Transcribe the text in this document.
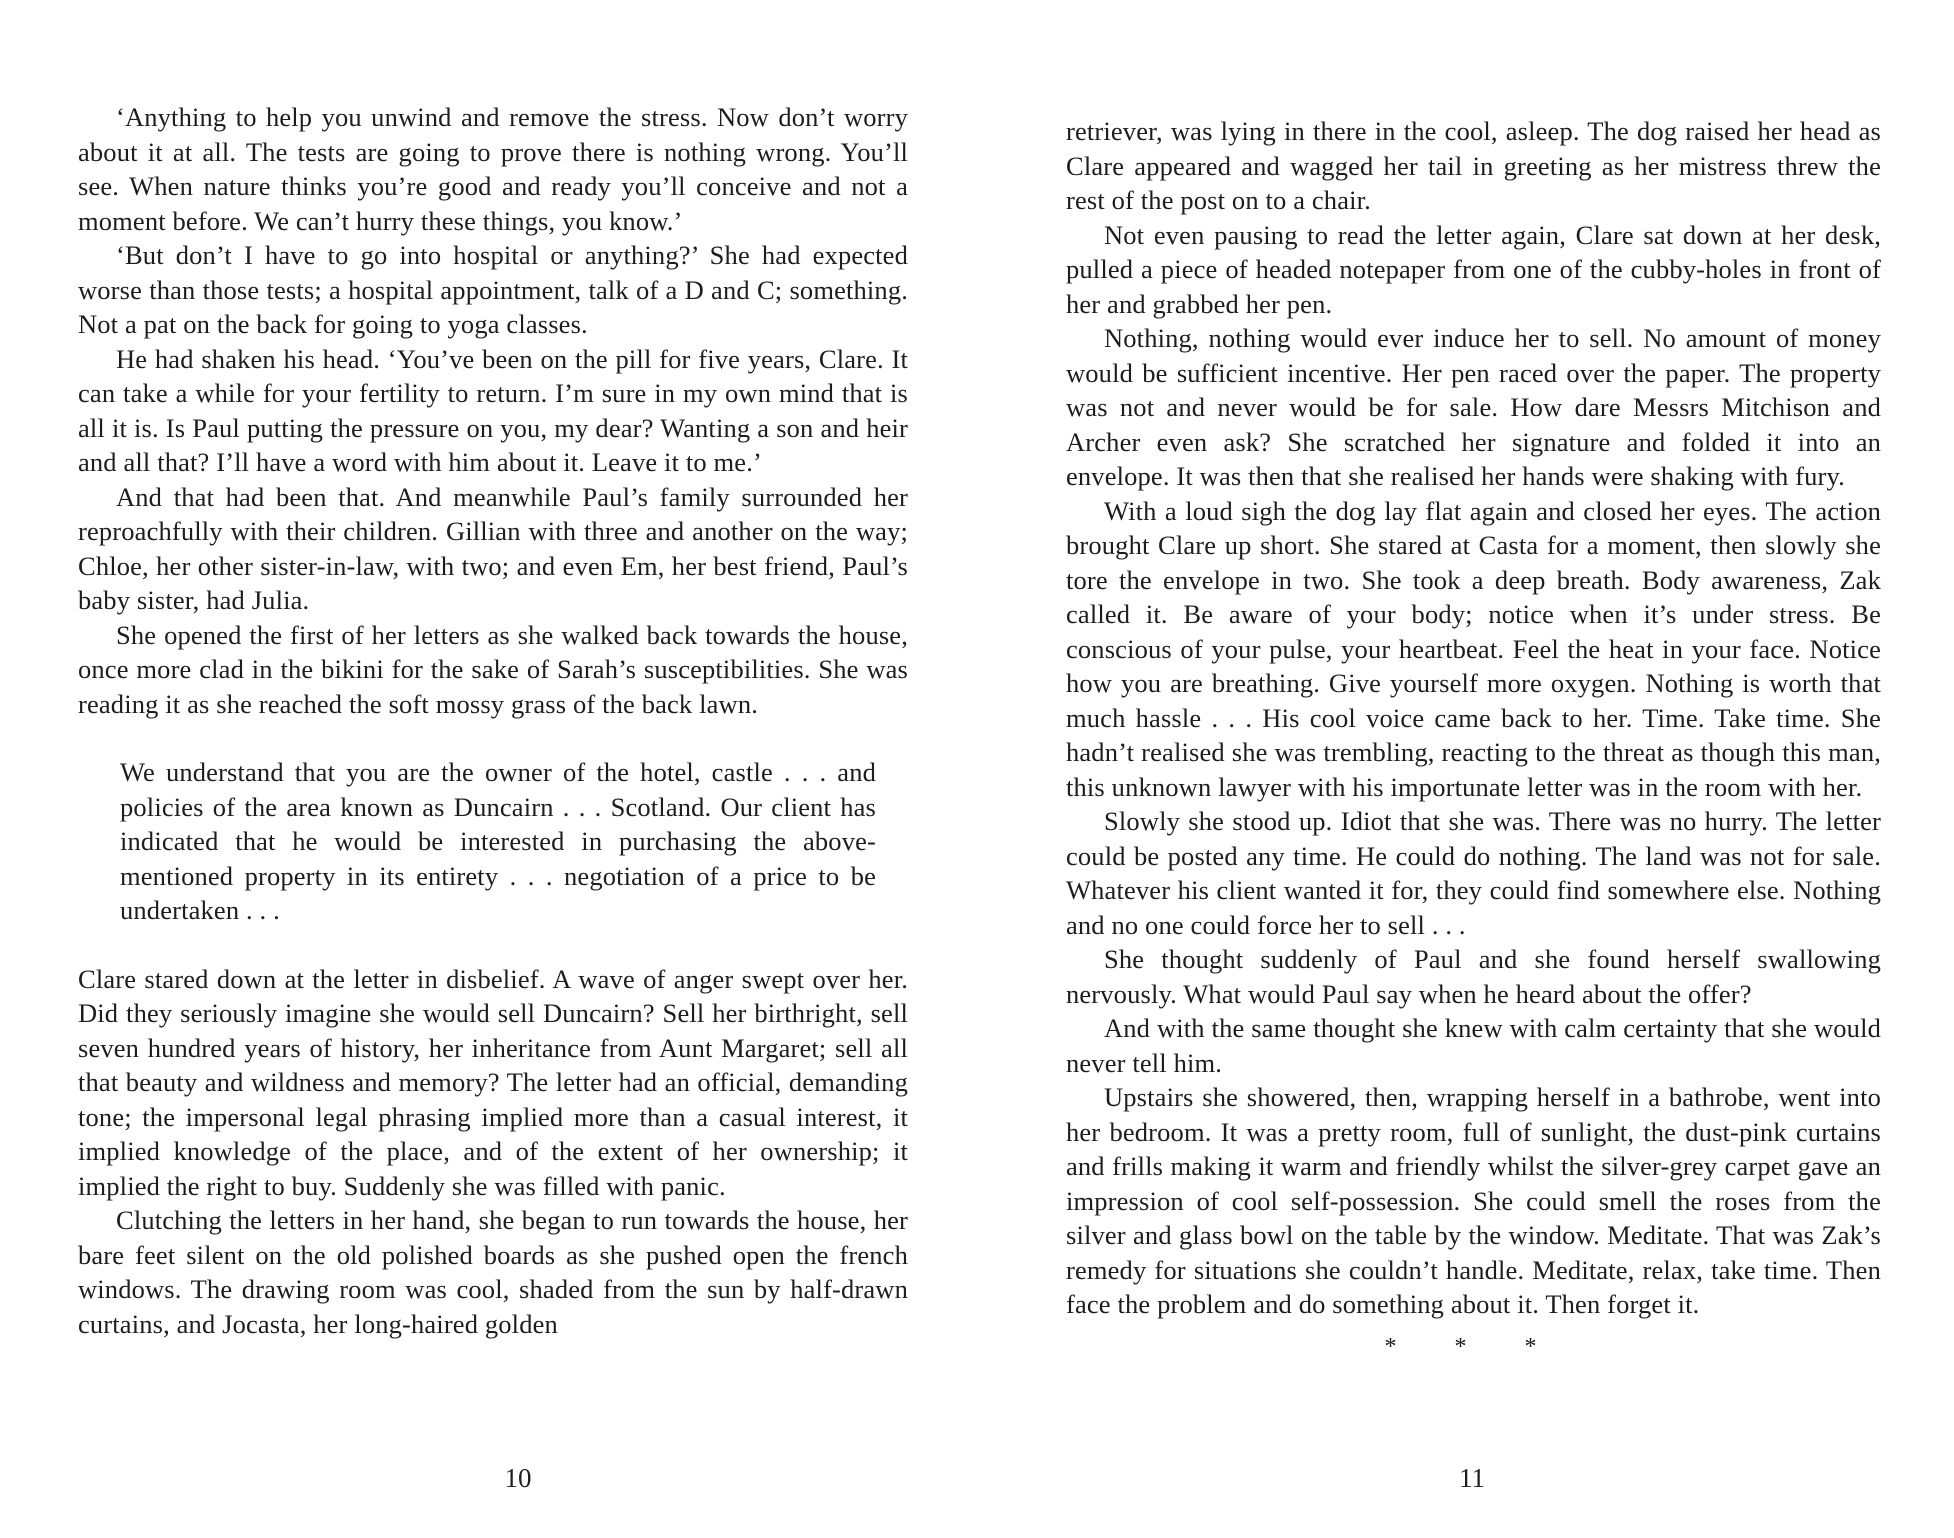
‘Anything to help you unwind and remove the stress. Now don’t worry about it at all. The tests are going to prove there is nothing wrong. You’ll see. When nature thinks you’re good and ready you’ll conceive and not a moment before. We can’t hurry these things, you know.’

‘But don’t I have to go into hospital or anything?’ She had expected worse than those tests; a hospital appointment, talk of a D and C; something. Not a pat on the back for going to yoga classes.

He had shaken his head. ‘You’ve been on the pill for five years, Clare. It can take a while for your fertility to return. I’m sure in my own mind that is all it is. Is Paul putting the pressure on you, my dear? Wanting a son and heir and all that? I’ll have a word with him about it. Leave it to me.’

And that had been that. And meanwhile Paul’s family surrounded her reproachfully with their children. Gillian with three and another on the way; Chloe, her other sister-in-law, with two; and even Em, her best friend, Paul’s baby sister, had Julia.

She opened the first of her letters as she walked back towards the house, once more clad in the bikini for the sake of Sarah’s susceptibilities. She was reading it as she reached the soft mossy grass of the back lawn.

We understand that you are the owner of the hotel, castle . . . and policies of the area known as Duncairn . . . Scotland. Our client has indicated that he would be interested in purchasing the above-mentioned property in its entirety . . . negotiation of a price to be undertaken . . .

Clare stared down at the letter in disbelief. A wave of anger swept over her. Did they seriously imagine she would sell Duncairn? Sell her birthright, sell seven hundred years of history, her inheritance from Aunt Margaret; sell all that beauty and wildness and memory? The letter had an official, demanding tone; the impersonal legal phrasing implied more than a casual interest, it implied knowledge of the place, and of the extent of her ownership; it implied the right to buy. Suddenly she was filled with panic.

Clutching the letters in her hand, she began to run towards the house, her bare feet silent on the old polished boards as she pushed open the french windows. The drawing room was cool, shaded from the sun by half-drawn curtains, and Jocasta, her long-haired golden

10

retriever, was lying in there in the cool, asleep. The dog raised her head as Clare appeared and wagged her tail in greeting as her mistress threw the rest of the post on to a chair.

Not even pausing to read the letter again, Clare sat down at her desk, pulled a piece of headed notepaper from one of the cubby-holes in front of her and grabbed her pen.

Nothing, nothing would ever induce her to sell. No amount of money would be sufficient incentive. Her pen raced over the paper. The property was not and never would be for sale. How dare Messrs Mitchison and Archer even ask? She scratched her signature and folded it into an envelope. It was then that she realised her hands were shaking with fury.

With a loud sigh the dog lay flat again and closed her eyes. The action brought Clare up short. She stared at Casta for a moment, then slowly she tore the envelope in two. She took a deep breath. Body awareness, Zak called it. Be aware of your body; notice when it’s under stress. Be conscious of your pulse, your heartbeat. Feel the heat in your face. Notice how you are breathing. Give yourself more oxygen. Nothing is worth that much hassle . . . His cool voice came back to her. Time. Take time. She hadn’t realised she was trembling, reacting to the threat as though this man, this unknown lawyer with his importunate letter was in the room with her.

Slowly she stood up. Idiot that she was. There was no hurry. The letter could be posted any time. He could do nothing. The land was not for sale. Whatever his client wanted it for, they could find somewhere else. Nothing and no one could force her to sell . . .

She thought suddenly of Paul and she found herself swallowing nervously. What would Paul say when he heard about the offer?

And with the same thought she knew with calm certainty that she would never tell him.

Upstairs she showered, then, wrapping herself in a bathrobe, went into her bedroom. It was a pretty room, full of sunlight, the dust-pink curtains and frills making it warm and friendly whilst the silver-grey carpet gave an impression of cool self-possession. She could smell the roses from the silver and glass bowl on the table by the window. Meditate. That was Zak’s remedy for situations she couldn’t handle. Meditate, relax, take time. Then face the problem and do something about it. Then forget it.

* * *
11
